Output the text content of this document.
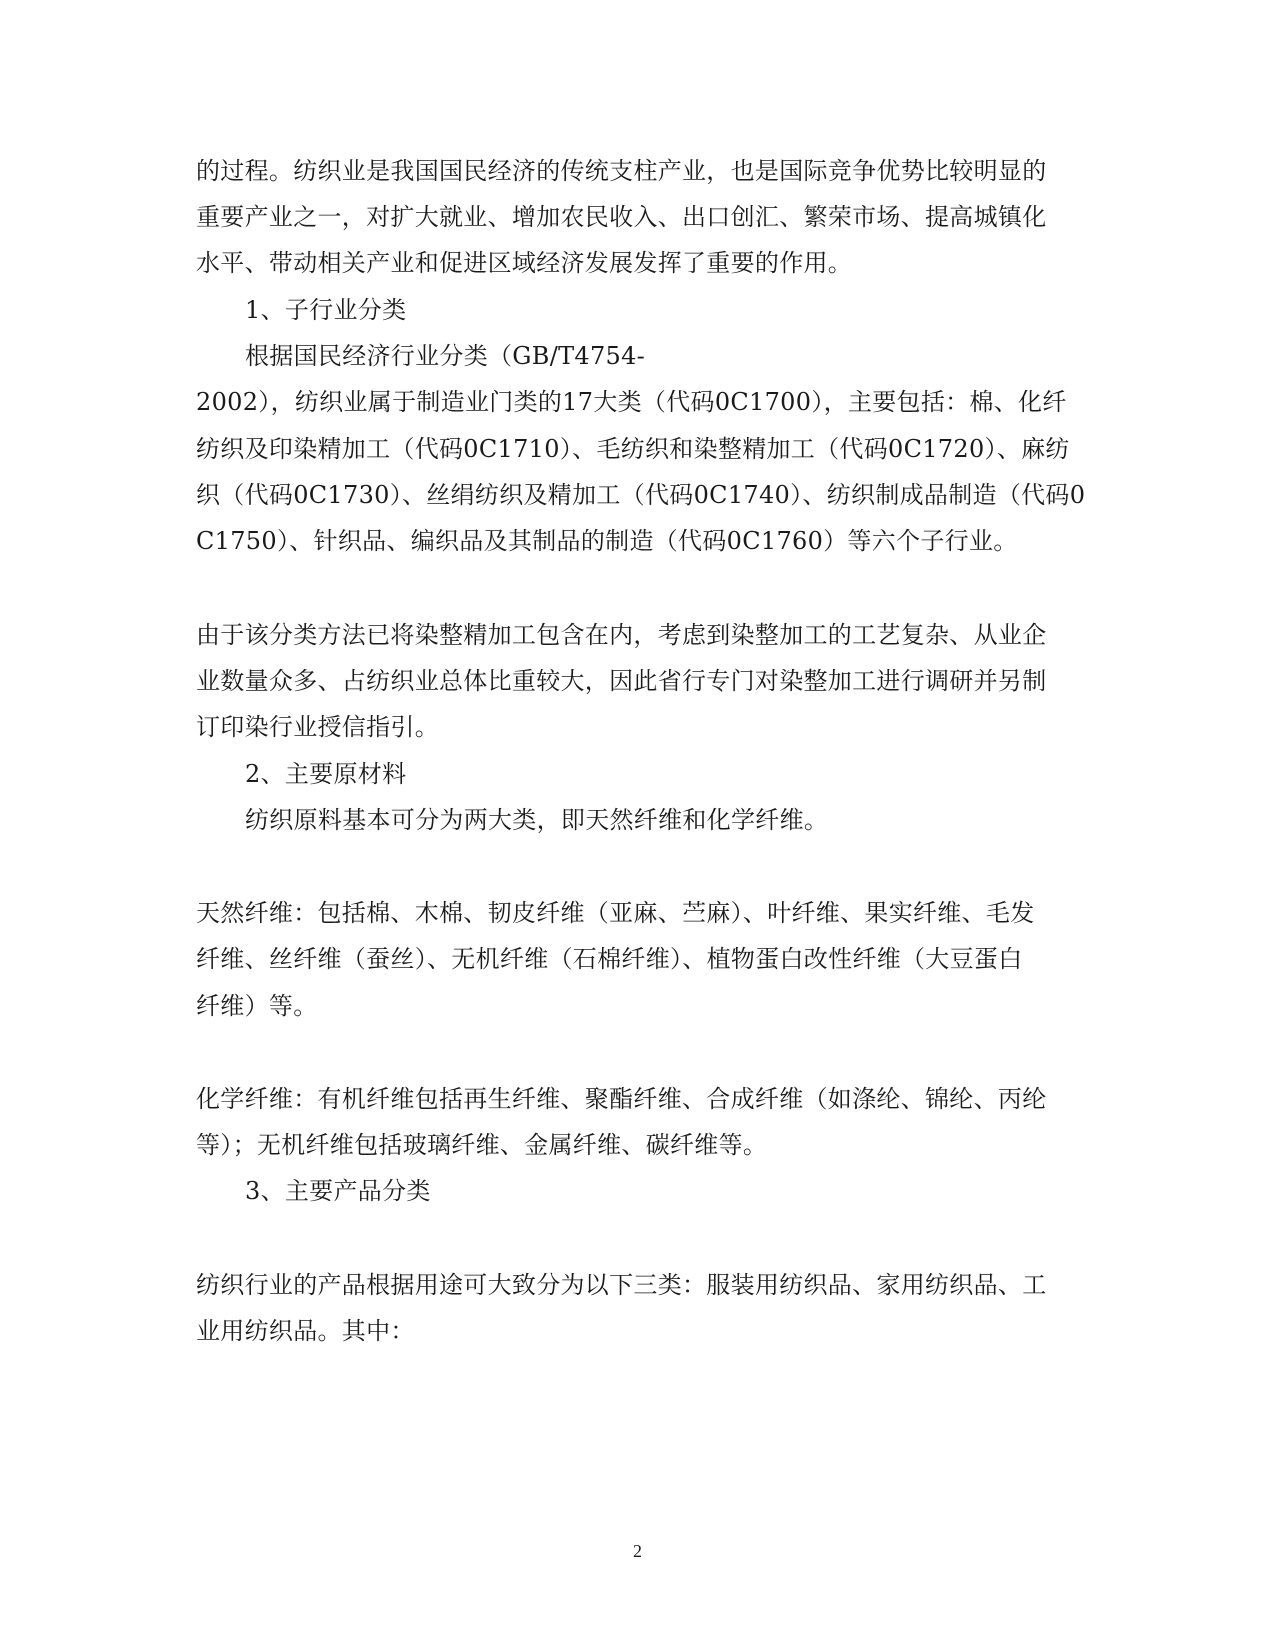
的过程。纺织业是我国国民经济的传统支柱产业，也是国际竞争优势比较明显的
重要产业之一，对扩大就业、增加农民收入、出口创汇、繁荣市场、提高城镇化
水平、带动相关产业和促进区域经济发展发挥了重要的作用。
1、子行业分类
根据国民经济行业分类（GB/T4754-
2002），纺织业属于制造业门类的17大类（代码0C1700），主要包括：棉、化纤
纺织及印染精加工（代码0C1710）、毛纺织和染整精加工（代码0C1720）、麻纺
织（代码0C1730）、丝绢纺织及精加工（代码0C1740）、纺织制成品制造（代码0
C1750）、针织品、编织品及其制品的制造（代码0C1760）等六个子行业。
由于该分类方法已将染整精加工包含在内，考虑到染整加工的工艺复杂、从业企
业数量众多、占纺织业总体比重较大，因此省行专门对染整加工进行调研并另制
订印染行业授信指引。
2、主要原材料
纺织原料基本可分为两大类，即天然纤维和化学纤维。
天然纤维：包括棉、木棉、韧皮纤维（亚麻、苎麻）、叶纤维、果实纤维、毛发
纤维、丝纤维（蚕丝）、无机纤维（石棉纤维）、植物蛋白改性纤维（大豆蛋白
纤维）等。
化学纤维：有机纤维包括再生纤维、聚酯纤维、合成纤维（如涤纶、锦纶、丙纶
等）；无机纤维包括玻璃纤维、金属纤维、碳纤维等。
3、主要产品分类
纺织行业的产品根据用途可大致分为以下三类：服装用纺织品、家用纺织品、工
业用纺织品。其中：
2
